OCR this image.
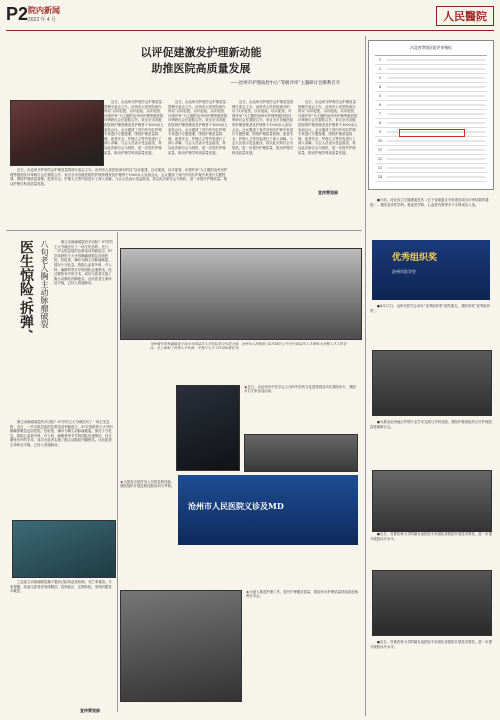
P2 院内新闻
2023 年 4 月	人民醫院
以评促建激发护理新动能
助推医院高质量发展
——沧州市护理质控中心“等级评审”主题研讨会顺利召开

近日，由沧州市护理学会护理质量管理专委会主办，沧州市人民医院承办的以“以评促建、以评促改、以评促管、评建并举”为主题的沧州市护理等级医院评审研讨会在我院召开。来自全市各级医院的护理管理者及护理骨干1000余人参加会议。会议邀请了省内外知名护理专家进行专题授课，围绕护理质量管理、患者安全、护理人文等内容进行了深入讲解。与会人员表示受益匪浅，将以此次研讨会为契机，进一步提升护理质量，推动护理学科高质量发展。

近日，由沧州市护理学会护理质量管理专委会主办，沧州市人民医院承办的以“以评促建、以评促改、以评促管、评建并举”为主题的沧州市护理等级医院评审研讨会在我院召开。来自全市各级医院的护理管理者及护理骨干1000余人参加会议。会议邀请了省内外知名护理专家进行专题授课，围绕护理质量管理、患者安全、护理人文等内容进行了深入讲解。与会人员表示受益匪浅，将以此次研讨会为契机，进一步提升护理质量，推动护理学科高质量发展。

近日，由沧州市护理学会护理质量管理专委会主办，沧州市人民医院承办的以“以评促建、以评促改、以评促管、评建并举”为主题的沧州市护理等级医院评审研讨会在我院召开。来自全市各级医院的护理管理者及护理骨干1000余人参加会议。会议邀请了省内外知名护理专家进行专题授课，围绕护理质量管理、患者安全、护理人文等内容进行了深入讲解。与会人员表示受益匪浅，将以此次研讨会为契机，进一步提升护理质量，推动护理学科高质量发展。

近日，由沧州市护理学会护理质量管理专委会主办，沧州市人民医院承办的以“以评促建、以评促改、以评促管、评建并举”为主题的沧州市护理等级医院评审研讨会在我院召开。来自全市各级医院的护理管理者及护理骨干1000余人参加会议。会议邀请了省内外知名护理专家进行专题授课，围绕护理质量管理、患者安全、护理人文等内容进行了深入讲解。与会人员表示受益匪浅，将以此次研讨会为契机，进一步提升护理质量，推动护理学科高质量发展。

近日，由沧州市护理学会护理质量管理专委会主办，沧州市人民医院承办的以“以评促建、以评促改、以评促管、评建并举”为主题的沧州市护理等级医院评审研讨会在我院召开。来自全市各级医院的护理管理者及护理骨干1000余人参加会议。会议邀请了省内外知名护理专家进行专题授课，围绕护理质量管理、患者安全、护理人文等内容进行了深入讲解。与会人员表示受益匪浅，将以此次研讨会为契机，进一步提升护理质量，推动护理学科高质量发展。

宣传策划部
河北省等级医院评审指标
1
2
3
4
5
6
7
8
9
10
11
12
13
14

●日前，河北省卫生健康委发布《关于省级重点专科建设项目评审结果的通报》，我院急诊医学科、重症医学科、心血管内科等多个专科成功入选。

优秀组织奖
沧州市医学会

●4月27日，沧州市医学会举办“优秀组织奖”颁奖典礼，我院荣获“优秀组织奖”。

●为推动沧州地区护理专业学术交流与学科发展，我院护理部组织召开护理质量管理研讨会。

●近日，首都医科大学附属友谊医院专家团队来我院开展技术帮扶，进一步提升我院诊疗水平。

●近日，首都医科大学附属友谊医院专家团队来我院开展技术帮扶，进一步提升我院诊疗水平。

医生惊险‘拆弹’ 八旬老人胸主动脉瘤破裂	胸主动脉瘤破裂有多凶险？87岁的王大爷就经历了一场生死急救。近日，一声尖锐急促的急救电话划破夜空，87岁高龄的王大爷因胸痛被紧急送到医院。经检查，确诊为胸主动脉瘤破裂，情况十分危急。我院心血管外科、介入科、麻醉科等多学科团队迅速集结，经过紧张有序的手术，成功为患者实施了胸主动脉腔内隔绝术。目前患者生命体征平稳，已转入普通病房。

胸主动脉瘤破裂有多凶险？87岁的王大爷就经历了一场生死急救。近日，一声尖锐急促的急救电话划破夜空，87岁高龄的王大爷因胸痛被紧急送到医院。经检查，确诊为胸主动脉瘤破裂，情况十分危急。我院心血管外科、介入科、麻醉科等多学科团队迅速集结，经过紧张有序的手术，成功为患者实施了胸主动脉腔内隔绝术。目前患者生命体征平稳，已转入普通病房。

之急症主动脉瘤破裂属于极其凶险的血管疾病，死亡率极高。专家提醒，高血压患者应规律服药，控制血压，定期体检，发现问题及早就医。

宣传策划部
为积极引导和鼓励各方加大对高层次人才的培养与引进力度，沧州市人民医院于4月18日上午召开高层次人才表彰大会暨人才工作会议。会上表彰了优秀人才代表，并签订人才工作目标责任书。
★近日，由沧州市中医学会主办的中医药文化进校园活动在我院举行，我院多名专家参加活动。
★为提高全院医务人员的急救技能，我院组织开展急救技能培训与考核。
沧州市人民医院义诊及MD
★为深入推进护理工作，提升护理服务质量，我院举办护理质量持续改进案例分享会。
